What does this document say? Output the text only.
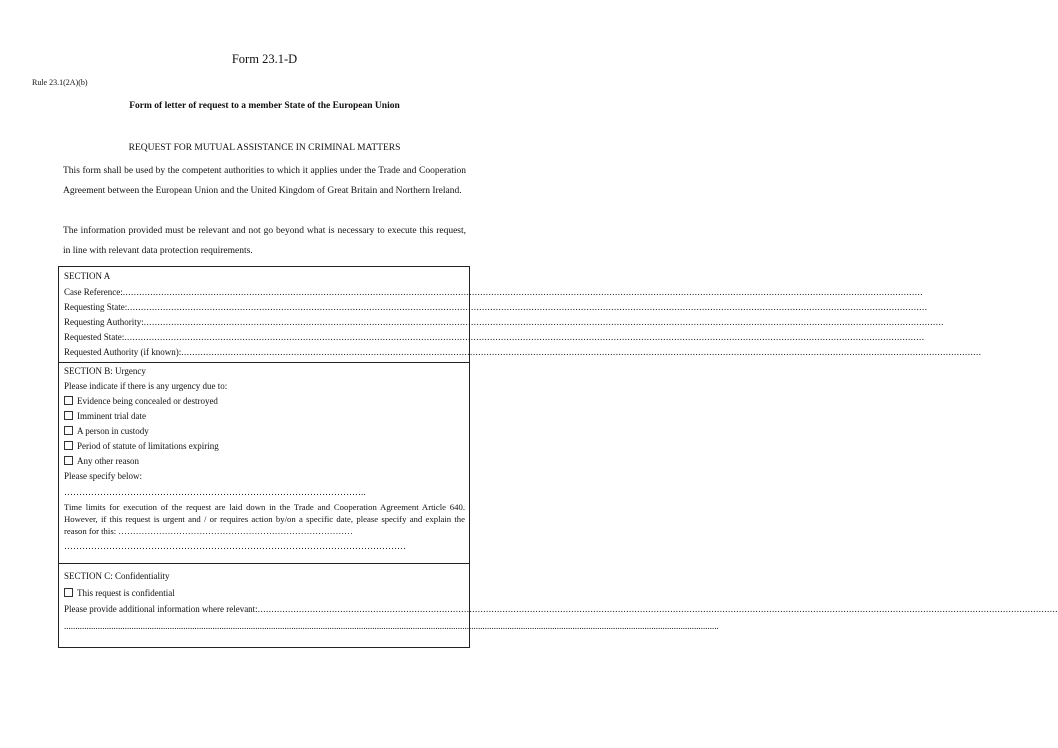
Form 23.1-D
Rule 23.1(2A)(b)
Form of letter of request to a member State of the European Union
REQUEST FOR MUTUAL ASSISTANCE IN CRIMINAL MATTERS
This form shall be used by the competent authorities to which it applies under the Trade and Cooperation Agreement between the European Union and the United Kingdom of Great Britain and Northern Ireland.
The information provided must be relevant and not go beyond what is necessary to execute this request, in line with relevant data protection requirements.
SECTION A
Case Reference: ...................................................................................................................................................................................................................................................................................................
Requesting State: ...................................................................................................................................................................................................................................................................................................
Requesting Authority: ...................................................................................................................................................................................................................................................................................................
Requested State: ...................................................................................................................................................................................................................................................................................................
Requested Authority (if known): ...................................................................................................................................................................................................................................................................................................
SECTION B: Urgency
Please indicate if there is any urgency due to:
Evidence being concealed or destroyed
Imminent trial date
A person in custody
Period of statute of limitations expiring
Any other reason
Please specify below:
………………………………………………………………………………………..
Time limits for execution of the request are laid down in the Trade and Cooperation Agreement Article 640. However, if this request is urgent and / or requires action by/on a specific date, please specify and explain the reason for this: ………………………………………………………………………
……………………………………………………………………………………………………
SECTION C: Confidentiality
This request is confidential
Please provide additional information where relevant: ...................................................................................................................................................................................................................................................................................................
...................................................................................................................................................................................................................................................................................................
